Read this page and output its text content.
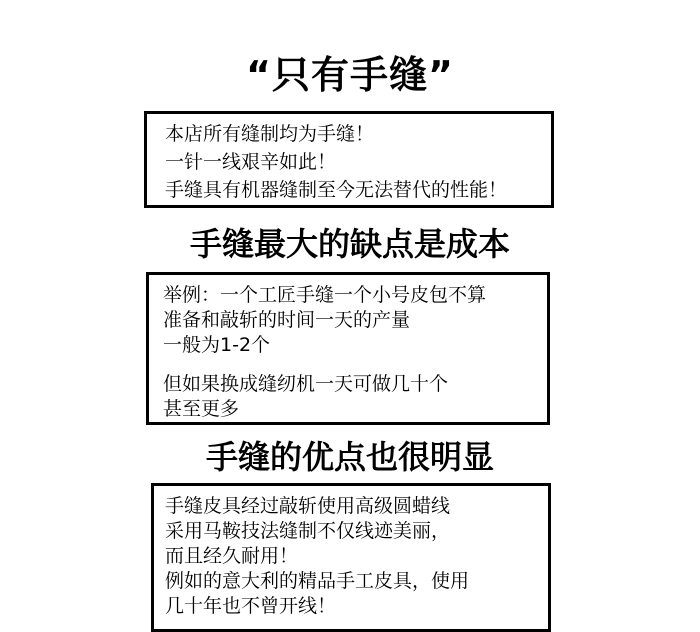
“只有手缝”
本店所有缝制均为手缝！
一针一线艰辛如此！
手缝具有机器缝制至今无法替代的性能！
手缝最大的缺点是成本
举例：一个工匠手缝一个小号皮包不算
准备和敲斩的时间一天的产量
一般为1-2个
但如果换成缝纫机一天可做几十个
甚至更多
手缝的优点也很明显
手缝皮具经过敲斩使用高级圆蜡线
采用马鞍技法缝制不仅线迹美丽，
而且经久耐用！
例如的意大利的精品手工皮具，使用
几十年也不曾开线！
